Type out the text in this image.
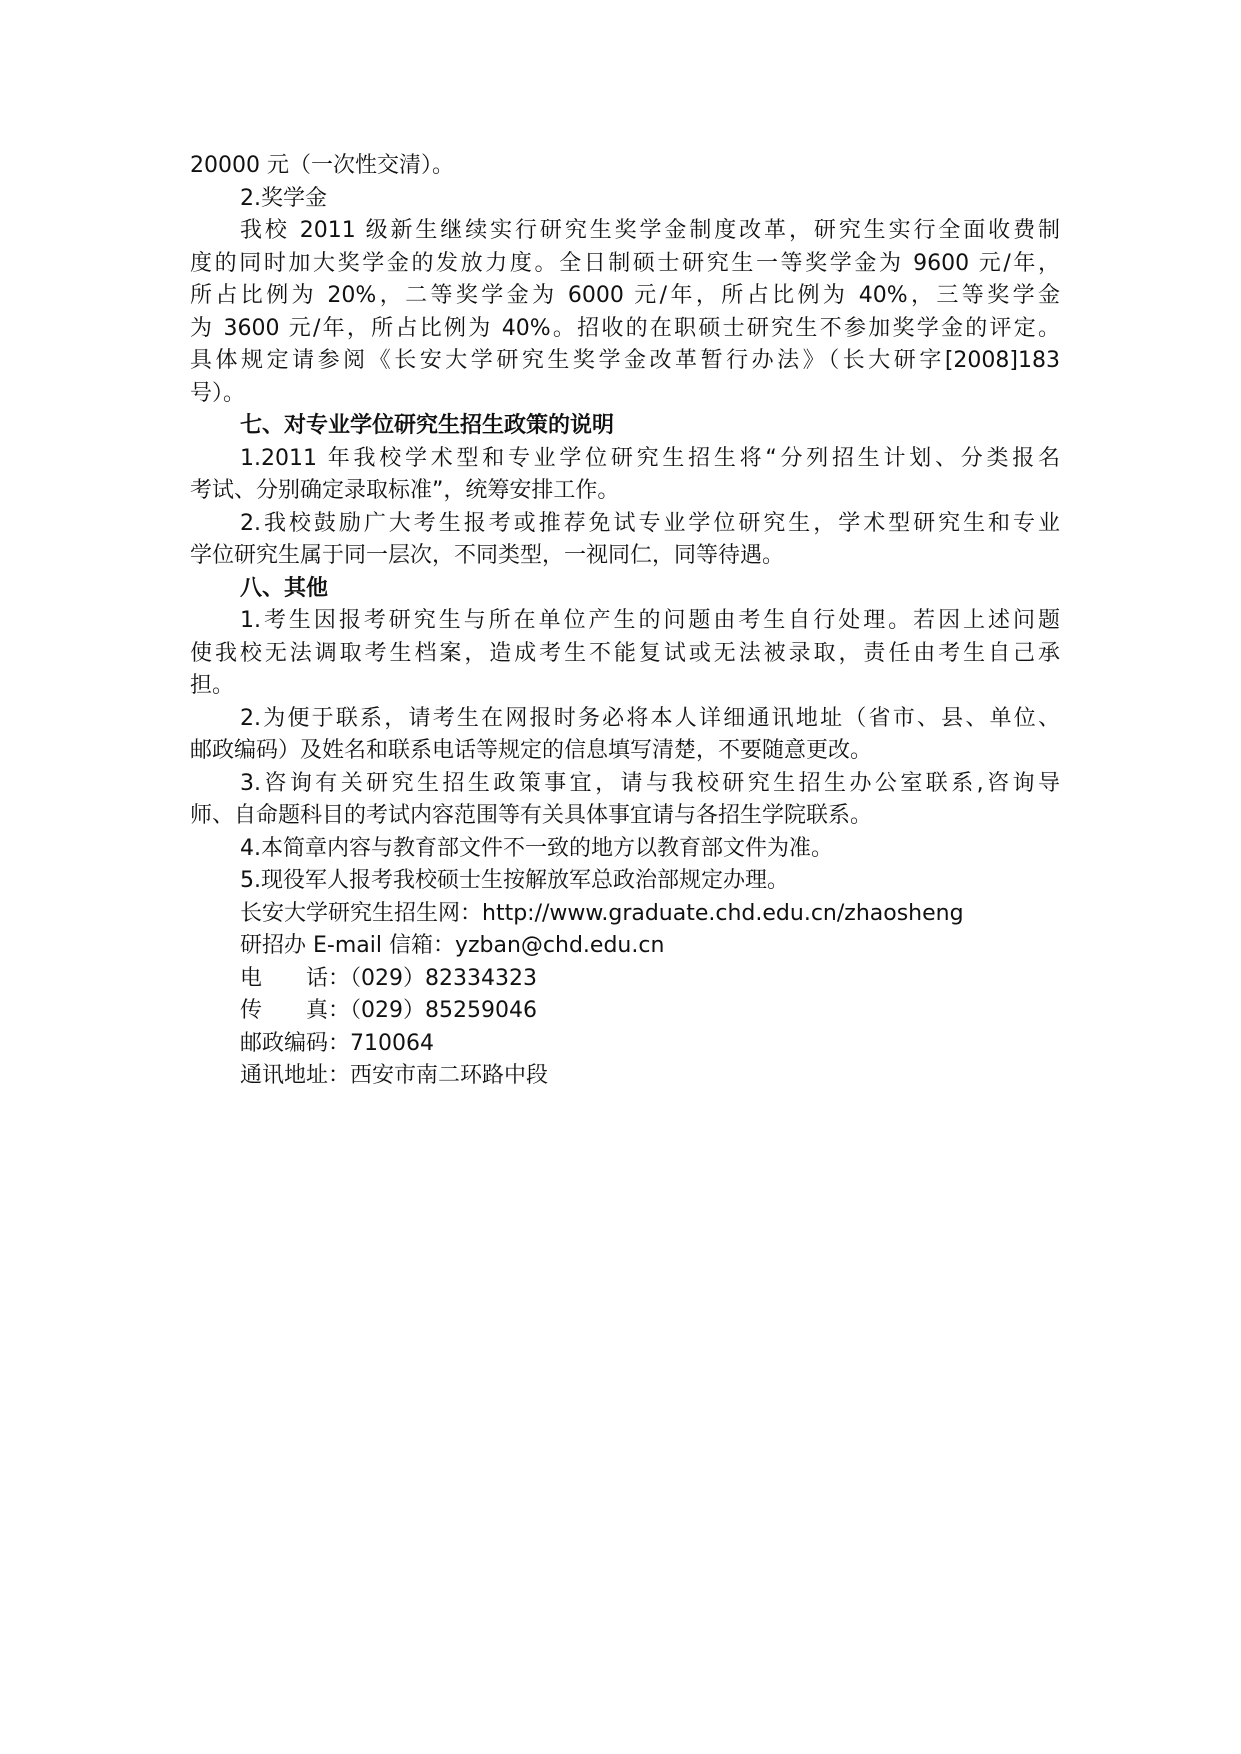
20000 元（一次性交清）。
2.奖学金
我校 2011 级新生继续实行研究生奖学金制度改革，研究生实行全面收费制
度的同时加大奖学金的发放力度。全日制硕士研究生一等奖学金为 9600 元/年，
所占比例为 20%，二等奖学金为 6000 元/年，所占比例为 40%，三等奖学金
为 3600 元/年，所占比例为 40%。招收的在职硕士研究生不参加奖学金的评定。
具体规定请参阅《长安大学研究生奖学金改革暂行办法》（长大研字[2008]183
号）。
七、对专业学位研究生招生政策的说明
1.2011 年我校学术型和专业学位研究生招生将“分列招生计划、分类报名
考试、分别确定录取标准”，统筹安排工作。
2.我校鼓励广大考生报考或推荐免试专业学位研究生，学术型研究生和专业
学位研究生属于同一层次，不同类型，一视同仁，同等待遇。
八、其他
1.考生因报考研究生与所在单位产生的问题由考生自行处理。若因上述问题
使我校无法调取考生档案，造成考生不能复试或无法被录取，责任由考生自己承
担。
2.为便于联系，请考生在网报时务必将本人详细通讯地址（省市、县、单位、
邮政编码）及姓名和联系电话等规定的信息填写清楚，不要随意更改。
3.咨询有关研究生招生政策事宜，请与我校研究生招生办公室联系,咨询导
师、自命题科目的考试内容范围等有关具体事宜请与各招生学院联系。
4.本简章内容与教育部文件不一致的地方以教育部文件为准。
5.现役军人报考我校硕士生按解放军总政治部规定办理。
长安大学研究生招生网：http://www.graduate.chd.edu.cn/zhaosheng
研招办 E-mail 信箱：yzban@chd.edu.cn
电　　话：（029）82334323
传　　真：（029）85259046
邮政编码：710064
通讯地址：西安市南二环路中段
